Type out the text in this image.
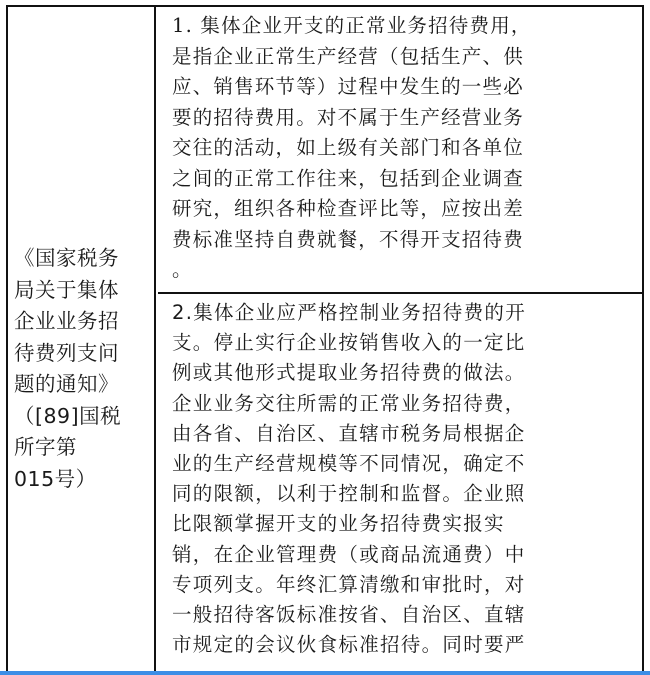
《国家税务
局关于集体
企业业务招
待费列支问
题的通知》
（[89]国税
所字第
015号）
1. 集体企业开支的正常业务招待费用，
是指企业正常生产经营（包括生产、供
应、销售环节等）过程中发生的一些必
要的招待费用。对不属于生产经营业务
交往的活动，如上级有关部门和各单位
之间的正常工作往来，包括到企业调查
研究，组织各种检查评比等，应按出差
费标准坚持自费就餐，不得开支招待费
。
2.集体企业应严格控制业务招待费的开
支。停止实行企业按销售收入的一定比
例或其他形式提取业务招待费的做法。
企业业务交往所需的正常业务招待费，
由各省、自治区、直辖市税务局根据企
业的生产经营规模等不同情况，确定不
同的限额，以利于控制和监督。企业照
比限额掌握开支的业务招待费实报实
销，在企业管理费（或商品流通费）中
专项列支。年终汇算清缴和审批时，对
一般招待客饭标准按省、自治区、直辖
市规定的会议伙食标准招待。同时要严
